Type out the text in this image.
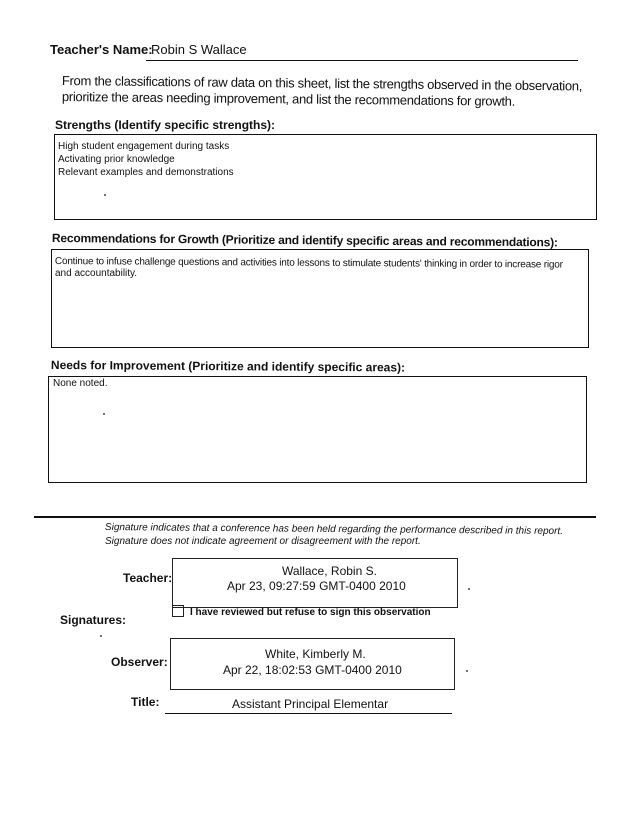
Teacher's Name:
Robin S Wallace
From the classifications of raw data on this sheet, list the strengths observed in the observation,
prioritize the areas needing improvement, and list the recommendations for growth.
Strengths (Identify specific strengths):
High student engagement during tasks
Activating prior knowledge
Relevant examples and demonstrations
Recommendations for Growth (Prioritize and identify specific areas and recommendations):
Continue to infuse challenge questions and activities into lessons to stimulate students' thinking in order to increase rigor
and accountability.
Needs for Improvement (Prioritize and identify specific areas):
None noted.
Signature indicates that a conference has been held regarding the performance described in this report.
Signature does not indicate agreement or disagreement with the report.
Teacher:	Wallace, Robin S.
Apr 23, 09:27:59 GMT-0400 2010
I have reviewed but refuse to sign this observation
Signatures:
Observer:
White, Kimberly M.
Apr 22, 18:02:53 GMT-0400 2010
Title:	Assistant Principal Elementar
